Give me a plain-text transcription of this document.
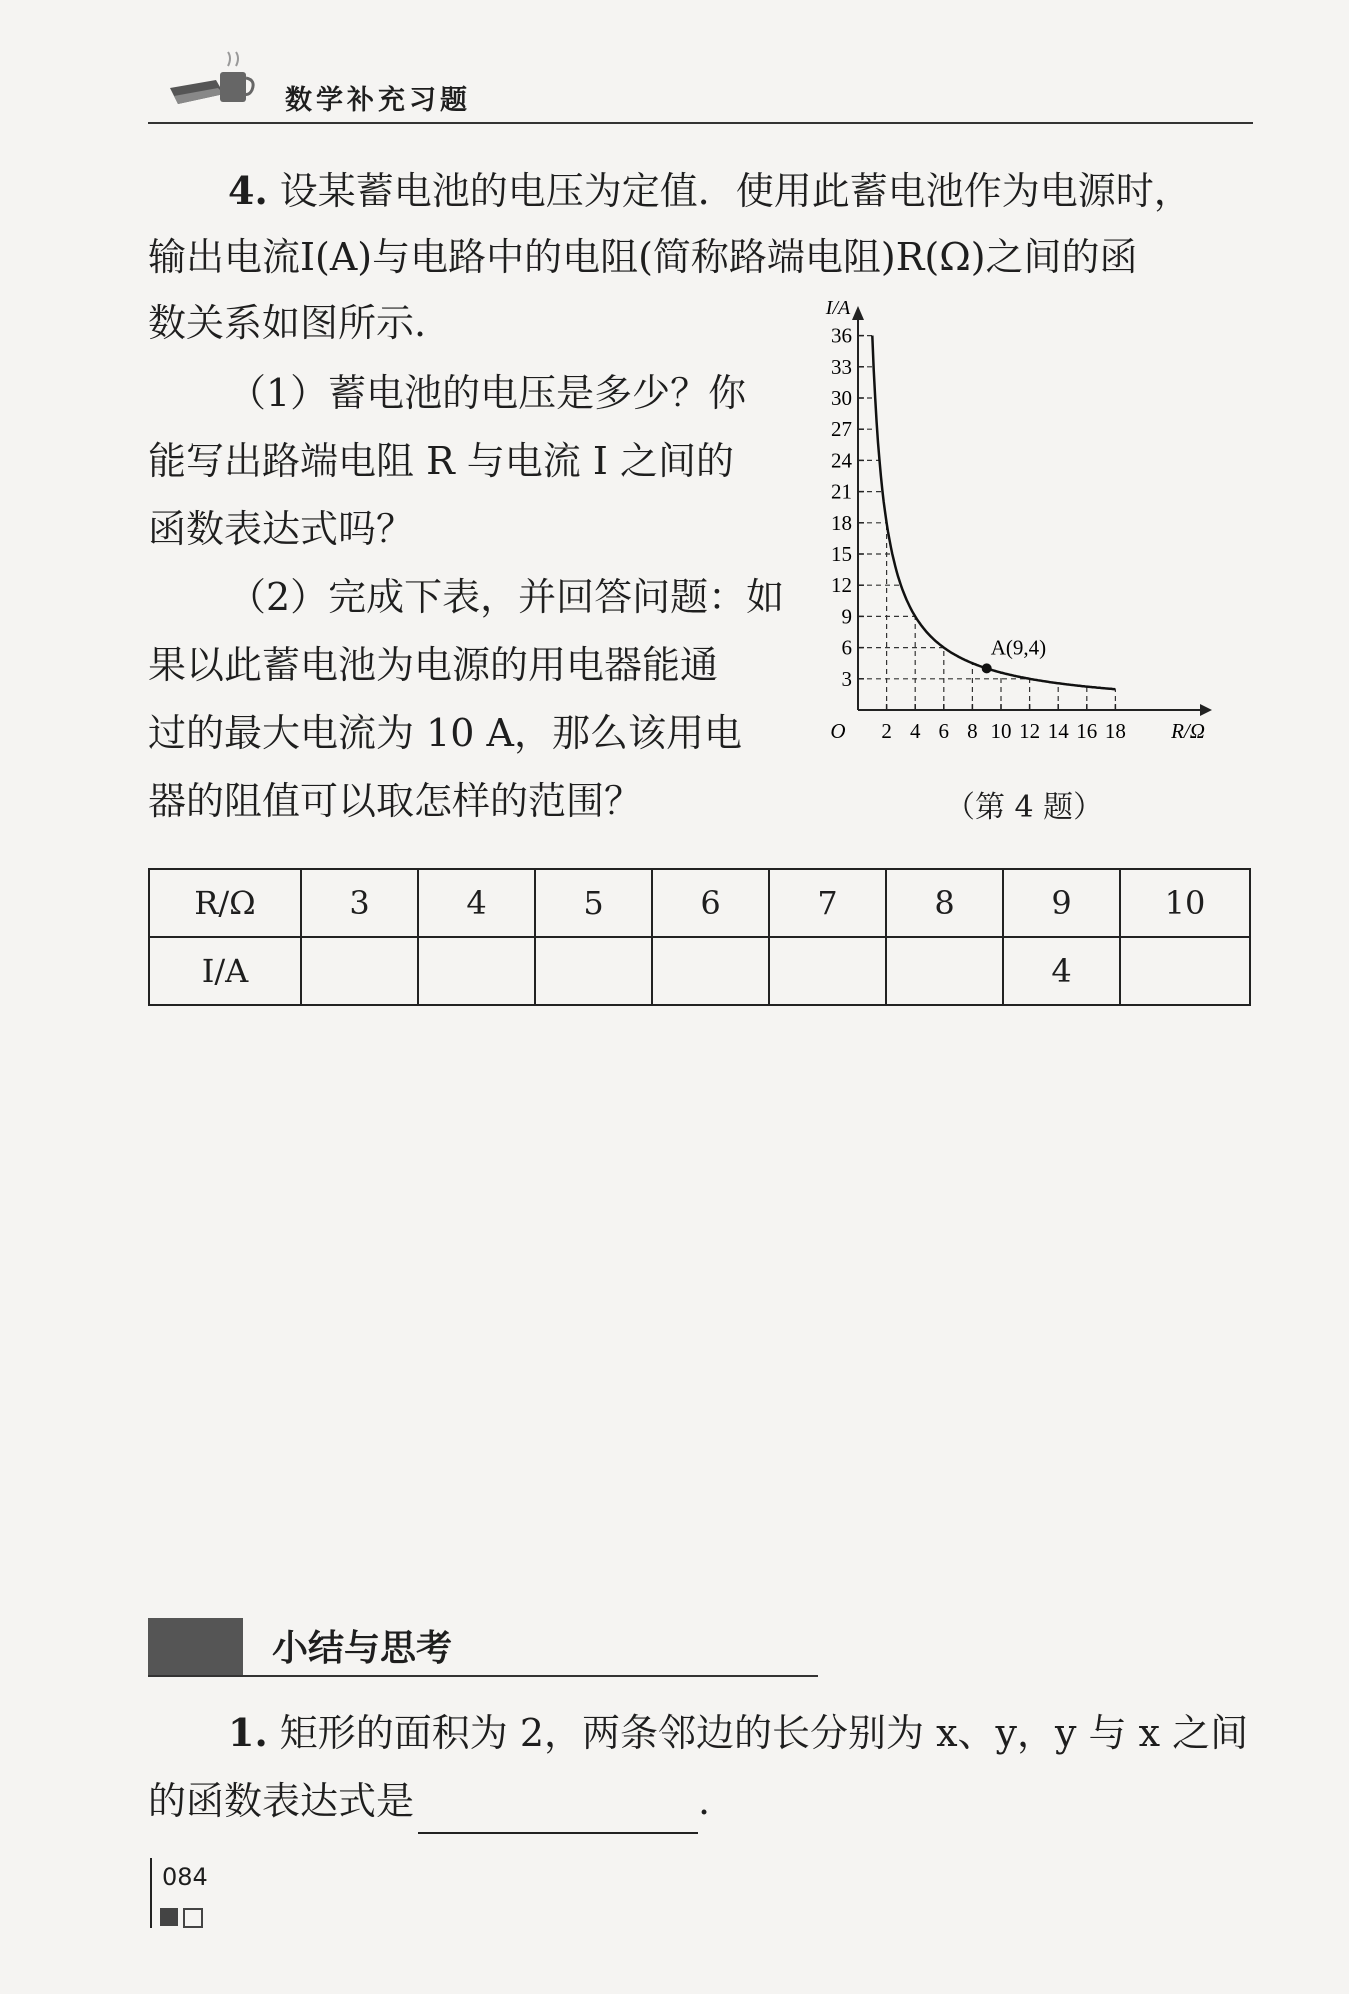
数学补充习题
4. 设某蓄电池的电压为定值．使用此蓄电池作为电源时，
输出电流I(A)与电路中的电阻(简称路端电阻)R(Ω)之间的函
数关系如图所示.
（1）蓄电池的电压是多少？你
能写出路端电阻 R 与电流 I 之间的
函数表达式吗？
（2）完成下表，并回答问题：如
果以此蓄电池为电源的用电器能通
过的最大电流为 10 A，那么该用电
器的阻值可以取怎样的范围？
2 4 6 8 10 12 14 16 18
3
6
9
12
15
18
21
24
27
30
33
36
I/A
R/Ω
O
A(9,4)
（第 4 题）
R/Ω	3	4	5	6	7	8	9	10
I/A							4	
小结与思考
1. 矩形的面积为 2，两条邻边的长分别为 x、y，y 与 x 之间
的函数表达式是	.
084
